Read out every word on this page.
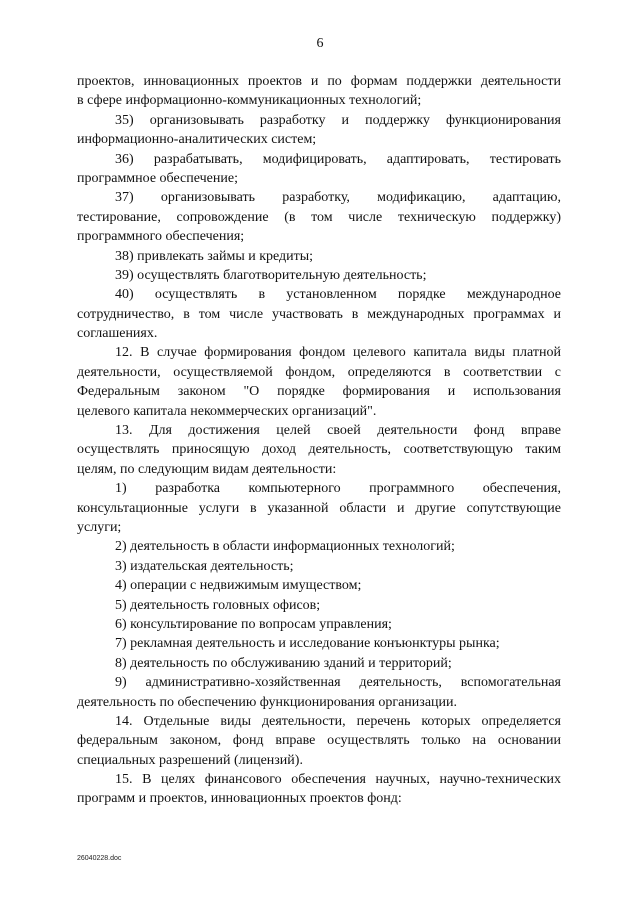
6
проектов, инновационных проектов и по формам поддержки деятельности
в сфере информационно-коммуникационных технологий;
35) организовывать разработку и поддержку функционирования
информационно-аналитических систем;
36) разрабатывать, модифицировать, адаптировать, тестировать
программное обеспечение;
37) организовывать разработку, модификацию, адаптацию,
тестирование, сопровождение (в том числе техническую поддержку)
программного обеспечения;
38) привлекать займы и кредиты;
39) осуществлять благотворительную деятельность;
40) осуществлять в установленном порядке международное
сотрудничество, в том числе участвовать в международных программах и
соглашениях.
12. В случае формирования фондом целевого капитала виды платной
деятельности, осуществляемой фондом, определяются в соответствии с
Федеральным законом "О порядке формирования и использования
целевого капитала некоммерческих организаций".
13. Для достижения целей своей деятельности фонд вправе
осуществлять приносящую доход деятельность, соответствующую таким
целям, по следующим видам деятельности:
1) разработка компьютерного программного обеспечения,
консультационные услуги в указанной области и другие сопутствующие
услуги;
2) деятельность в области информационных технологий;
3) издательская деятельность;
4) операции с недвижимым имуществом;
5) деятельность головных офисов;
6) консультирование по вопросам управления;
7) рекламная деятельность и исследование конъюнктуры рынка;
8) деятельность по обслуживанию зданий и территорий;
9) административно-хозяйственная деятельность, вспомогательная
деятельность по обеспечению функционирования организации.
14. Отдельные виды деятельности, перечень которых определяется
федеральным законом, фонд вправе осуществлять только на основании
специальных разрешений (лицензий).
15. В целях финансового обеспечения научных, научно-технических
программ и проектов, инновационных проектов фонд:
26040228.doc
